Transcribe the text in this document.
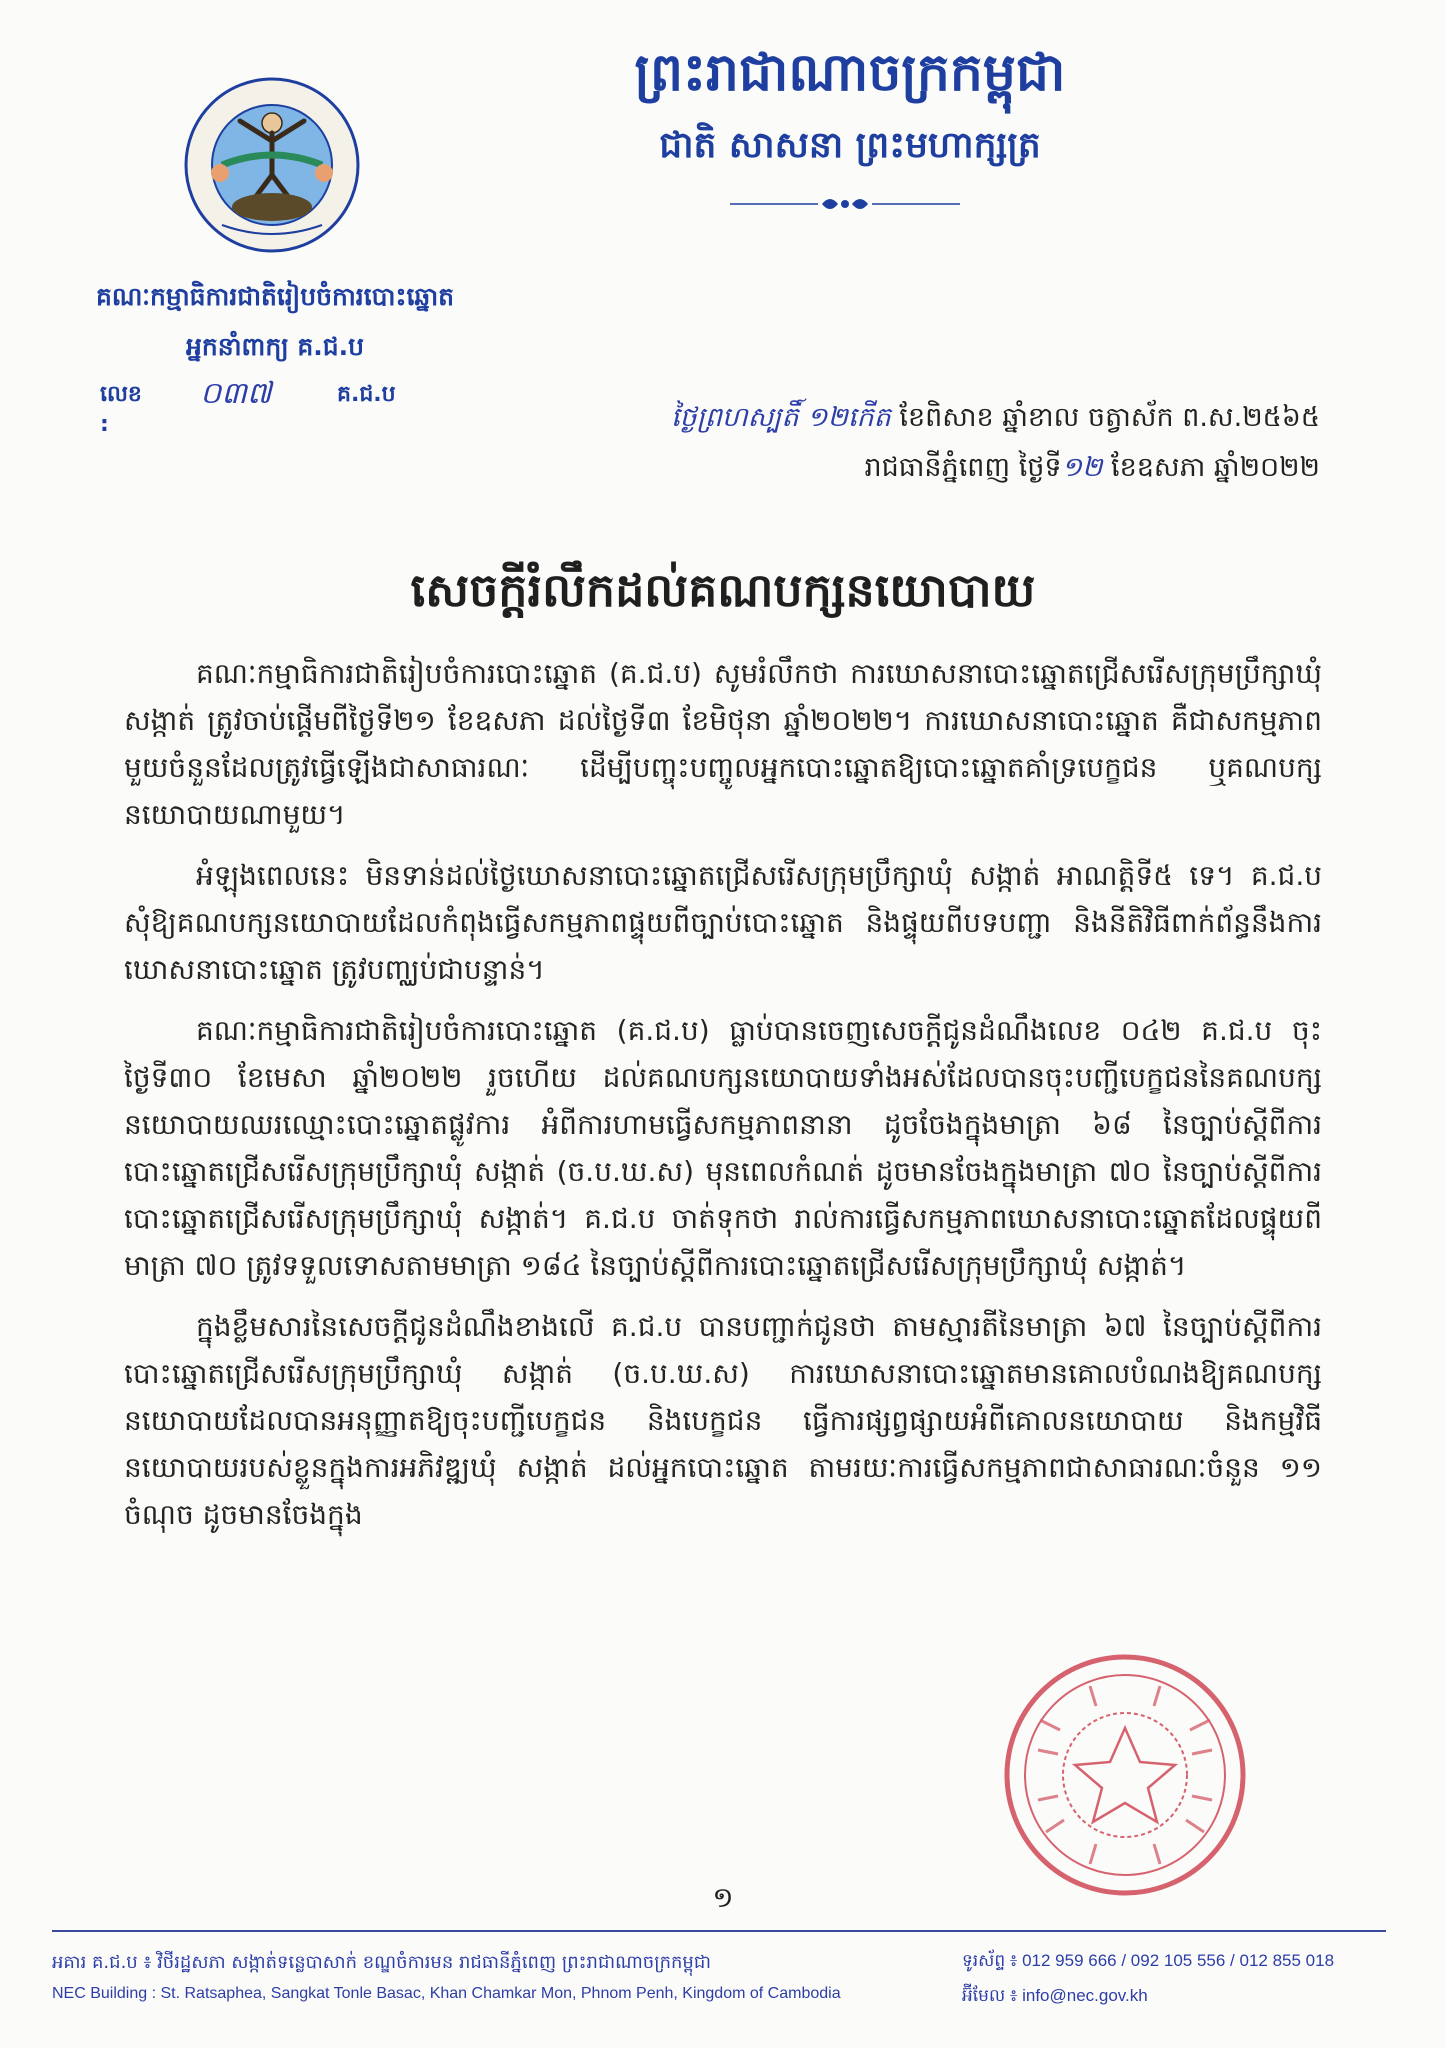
ព្រះរាជាណាចក្រកម្ពុជា
ជាតិ សាសនា ព្រះមហាក្សត្រ
គណៈកម្មាធិការជាតិរៀបចំការបោះឆ្នោត
អ្នកនាំពាក្យ គ.ជ.ប
លេខ :
០៣៧	គ.ជ.ប
ថ្ងៃព្រហស្បតិ៍ ១២កើត ខែពិសាខ ឆ្នាំខាល ចត្វាស័ក ព.ស.២៥៦៥
រាជធានីភ្នំពេញ ថ្ងៃទី១២ ខែឧសភា ឆ្នាំ២០២២
សេចក្តីរំលឹកដល់គណបក្សនយោបាយ

គណៈកម្មាធិការជាតិរៀបចំការបោះឆ្នោត (គ.ជ.ប) សូមរំលឹកថា ការឃោសនាបោះឆ្នោតជ្រើសរើសក្រុមប្រឹក្សាឃុំ សង្កាត់ ត្រូវចាប់ផ្តើមពីថ្ងៃទី២១ ខែឧសភា ដល់ថ្ងៃទី៣ ខែមិថុនា ឆ្នាំ២០២២។ ការឃោសនាបោះឆ្នោត គឺជាសកម្មភាពមួយចំនួនដែលត្រូវធ្វើឡើងជាសាធារណៈ ដើម្បីបញ្ចុះបញ្ចូលអ្នកបោះឆ្នោតឱ្យបោះឆ្នោតគាំទ្របេក្ខជន ឬគណបក្សនយោបាយណាមួយ។

អំឡុងពេលនេះ មិនទាន់ដល់ថ្ងៃឃោសនាបោះឆ្នោតជ្រើសរើសក្រុមប្រឹក្សាឃុំ សង្កាត់ អាណត្តិទី៥ ទេ។ គ.ជ.ប សុំឱ្យគណបក្សនយោបាយដែលកំពុងធ្វើសកម្មភាពផ្ទុយពីច្បាប់បោះឆ្នោត និងផ្ទុយពីបទបញ្ជា និងនីតិវិធីពាក់ព័ន្ធនឹងការឃោសនាបោះឆ្នោត ត្រូវបញ្ឈប់ជាបន្ទាន់។

គណៈកម្មាធិការជាតិរៀបចំការបោះឆ្នោត (គ.ជ.ប) ធ្លាប់បានចេញសេចក្តីជូនដំណឹងលេខ ០៤២ គ.ជ.ប ចុះថ្ងៃទី៣០ ខែមេសា ឆ្នាំ២០២២ រួចហើយ ដល់គណបក្សនយោបាយទាំងអស់ដែលបានចុះបញ្ជីបេក្ខជននៃគណបក្សនយោបាយឈរឈ្មោះបោះឆ្នោតផ្លូវការ អំពីការហាមធ្វើសកម្មភាពនានា ដូចចែងក្នុងមាត្រា ៦៨ នៃច្បាប់ស្តីពីការបោះឆ្នោតជ្រើសរើសក្រុមប្រឹក្សាឃុំ សង្កាត់ (ច.ប.ឃ.ស) មុនពេលកំណត់ ដូចមានចែងក្នុងមាត្រា ៧០ នៃច្បាប់ស្តីពីការបោះឆ្នោតជ្រើសរើសក្រុមប្រឹក្សាឃុំ សង្កាត់។ គ.ជ.ប ចាត់ទុកថា រាល់ការធ្វើសកម្មភាពឃោសនាបោះឆ្នោតដែលផ្ទុយពីមាត្រា ៧០ ត្រូវទទួលទោសតាមមាត្រា ១៨៤ នៃច្បាប់ស្តីពីការបោះឆ្នោតជ្រើសរើសក្រុមប្រឹក្សាឃុំ សង្កាត់។

ក្នុងខ្លឹមសារនៃសេចក្តីជូនដំណឹងខាងលើ គ.ជ.ប បានបញ្ជាក់ជូនថា តាមស្មារតីនៃមាត្រា ៦៧ នៃច្បាប់ស្តីពីការបោះឆ្នោតជ្រើសរើសក្រុមប្រឹក្សាឃុំ សង្កាត់ (ច.ប.ឃ.ស) ការឃោសនាបោះឆ្នោតមានគោលបំណងឱ្យគណបក្សនយោបាយដែលបានអនុញ្ញាតឱ្យចុះបញ្ជីបេក្ខជន និងបេក្ខជន ធ្វើការផ្សព្វផ្សាយអំពីគោលនយោបាយ និងកម្មវិធីនយោបាយរបស់ខ្លួនក្នុងការអភិវឌ្ឍឃុំ សង្កាត់ ដល់អ្នកបោះឆ្នោត តាមរយៈការធ្វើសកម្មភាពជាសាធារណៈចំនួន ១១ ចំណុច ដូចមានចែងក្នុង

១
អគារ គ.ជ.ប ៖ វិថីរដ្ឋសភា សង្កាត់ទន្លេបាសាក់ ខណ្ឌចំការមន រាជធានីភ្នំពេញ ព្រះរាជាណាចក្រកម្ពុជា
NEC Building : St. Ratsaphea, Sangkat Tonle Basac, Khan Chamkar Mon, Phnom Penh, Kingdom of Cambodia
ទូរស័ព្ទ ៖ 012 959 666 / 092 105 556 / 012 855 018
អ៊ីមែល ៖ info@nec.gov.kh
